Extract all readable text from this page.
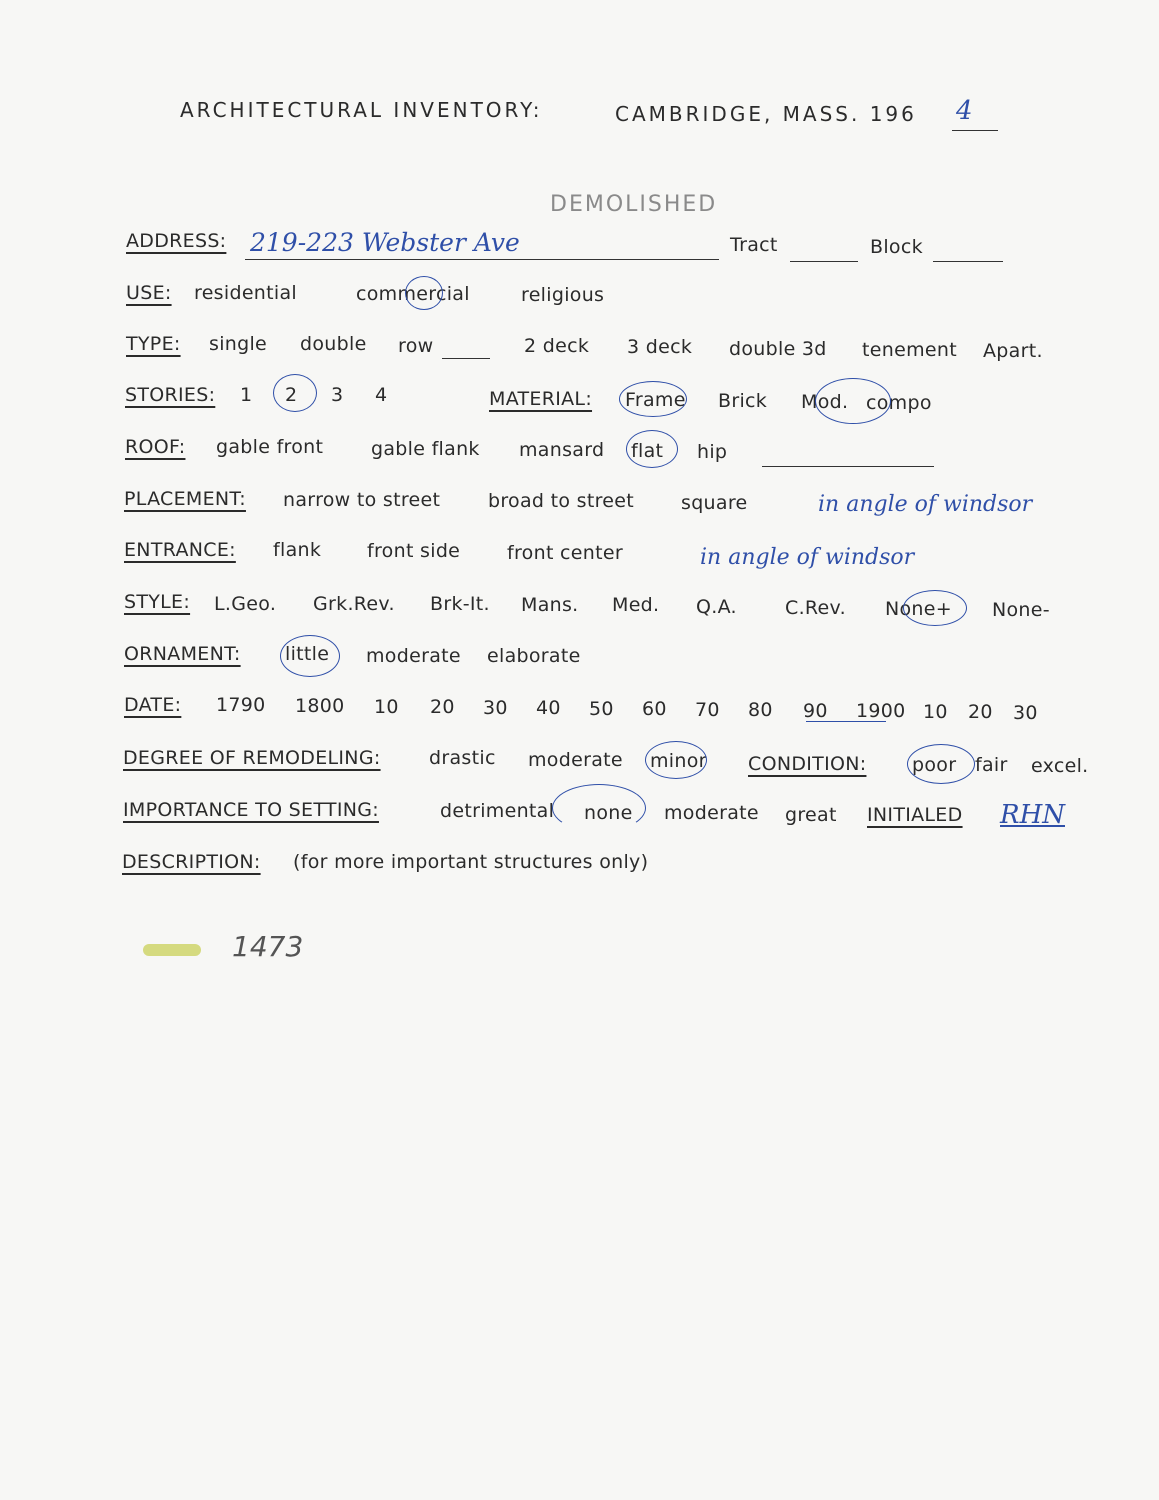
ARCHITECTURAL INVENTORY:	CAMBRIDGE, MASS. 196 4
DEMOLISHED
ADDRESS: 219-223 Webster Ave	Tract	Block
USE: residential	commercial	religious
TYPE: single double row	2 deck 3 deck double 3d tenement Apart.
STORIES: 1 2 3 4	MATERIAL: Frame Brick Mod. compo
ROOF: gable front	gable flank mansard flat hip
PLACEMENT: narrow to street	broad to street square	in angle of windsor
ENTRANCE: flank front side front center	in angle of windsor
STYLE: L.Geo. Grk.Rev. Brk-It. Mans. Med. Q.A.	C.Rev. None+ None-
ORNAMENT: little moderate elaborate
DATE: 1790 1800 10 20 30 40 50 60 70 80 90 1900 10 20 30
DEGREE OF REMODELING:	drastic moderate minor CONDITION: poor fair excel.
IMPORTANCE TO SETTING:	detrimental none moderate great INITIALED RHN
DESCRIPTION: (for more important structures only)
1473
